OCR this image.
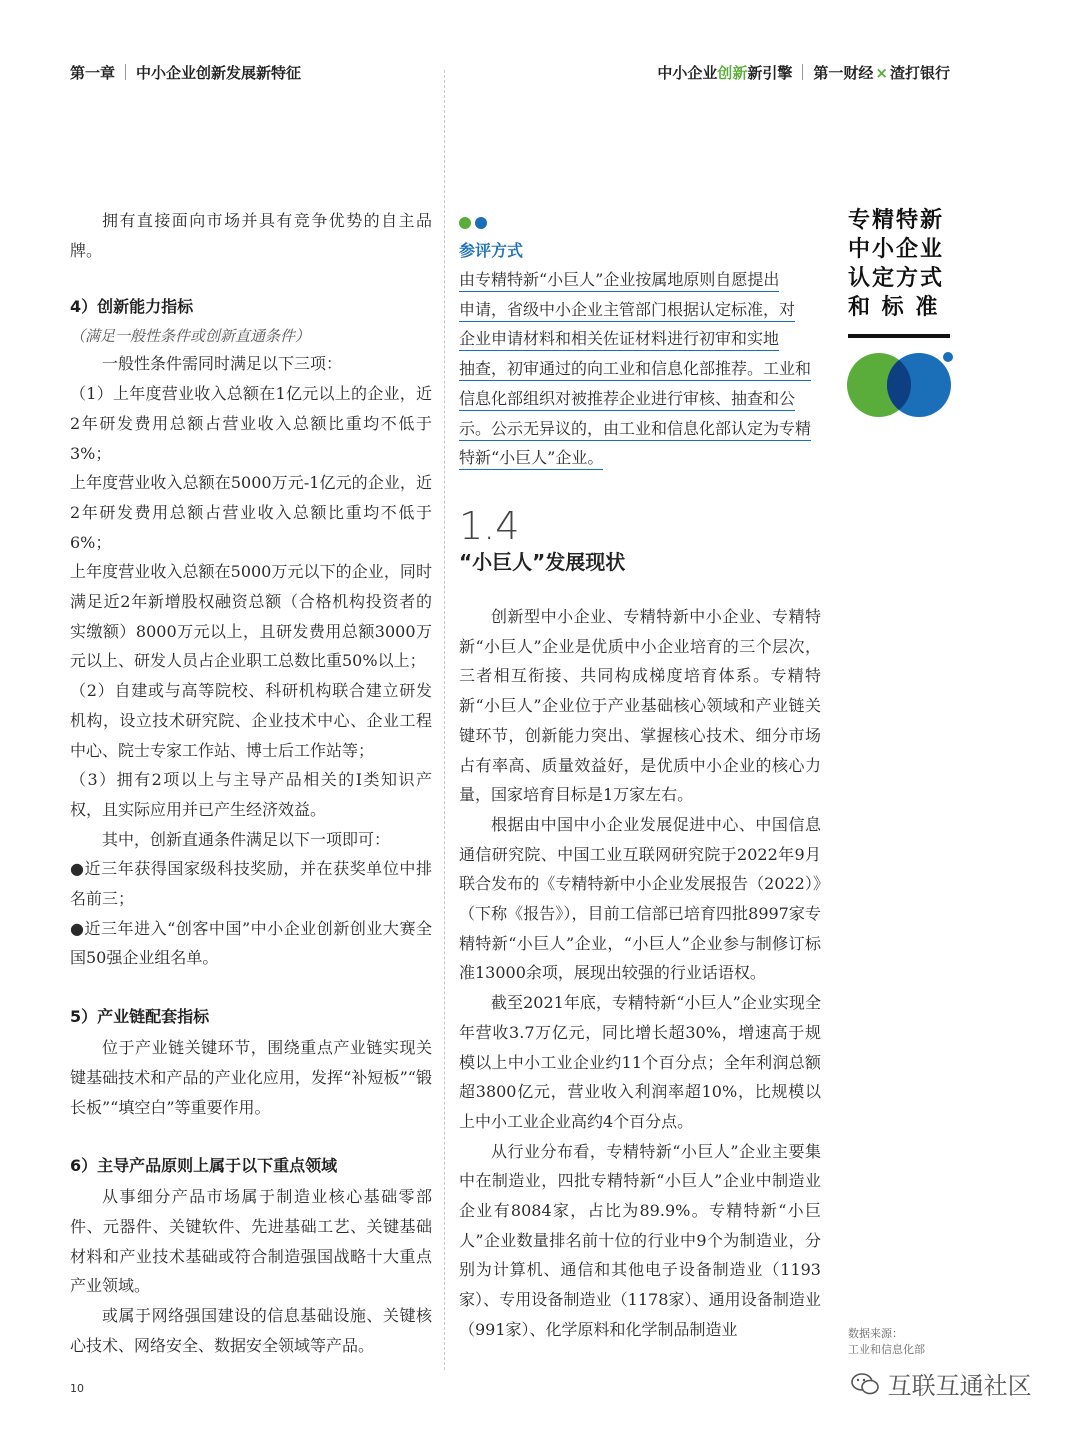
第一章 中小企业创新发展新特征	中小企业创新新引擎 第一财经 × 渣打银行

拥有直接面向市场并具有竞争优势的自主品牌。

4）创新能力指标

（满足一般性条件或创新直通条件）

一般性条件需同时满足以下三项：

（1）上年度营业收入总额在1亿元以上的企业，近2年研发费用总额占营业收入总额比重均不低于3%；

上年度营业收入总额在5000万元-1亿元的企业，近2年研发费用总额占营业收入总额比重均不低于6%；

上年度营业收入总额在5000万元以下的企业，同时满足近2年新增股权融资总额（合格机构投资者的实缴额）8000万元以上，且研发费用总额3000万元以上、研发人员占企业职工总数比重50%以上；

（2）自建或与高等院校、科研机构联合建立研发机构，设立技术研究院、企业技术中心、企业工程中心、院士专家工作站、博士后工作站等；

（3）拥有2项以上与主导产品相关的I类知识产权，且实际应用并已产生经济效益。

其中，创新直通条件满足以下一项即可：

●近三年获得国家级科技奖励，并在获奖单位中排名前三；

●近三年进入“创客中国”中小企业创新创业大赛全国50强企业组名单。

5）产业链配套指标

位于产业链关键环节，围绕重点产业链实现关键基础技术和产品的产业化应用，发挥“补短板”“锻长板”“填空白”等重要作用。

6）主导产品原则上属于以下重点领域

从事细分产品市场属于制造业核心基础零部件、元器件、关键软件、先进基础工艺、关键基础材料和产业技术基础或符合制造强国战略十大重点产业领域。

或属于网络强国建设的信息基础设施、关键核心技术、网络安全、数据安全领域等产品。

参评方式

由专精特新“小巨人”企业按属地原则自愿提出

申请，省级中小企业主管部门根据认定标准，对

企业申请材料和相关佐证材料进行初审和实地

抽查，初审通过的向工业和信息化部推荐。工业和

信息化部组织对被推荐企业进行审核、抽查和公

示。公示无异议的，由工业和信息化部认定为专精

特新“小巨人”企业。

1.4
“小巨人”发展现状

创新型中小企业、专精特新中小企业、专精特新“小巨人”企业是优质中小企业培育的三个层次，三者相互衔接、共同构成梯度培育体系。专精特新“小巨人”企业位于产业基础核心领域和产业链关键环节，创新能力突出、掌握核心技术、细分市场占有率高、质量效益好，是优质中小企业的核心力量，国家培育目标是1万家左右。

根据由中国中小企业发展促进中心、中国信息通信研究院、中国工业互联网研究院于2022年9月联合发布的《专精特新中小企业发展报告（2022）》（下称《报告》），目前工信部已培育四批8997家专精特新“小巨人”企业，“小巨人”企业参与制修订标准13000余项，展现出较强的行业话语权。

截至2021年底，专精特新“小巨人”企业实现全年营收3.7万亿元，同比增长超30%，增速高于规模以上中小工业企业约11个百分点；全年利润总额超3800亿元，营业收入利润率超10%，比规模以上中小工业企业高约4个百分点。

从行业分布看，专精特新“小巨人”企业主要集中在制造业，四批专精特新“小巨人”企业中制造业企业有8084家，占比为89.9%。专精特新“小巨人”企业数量排名前十位的行业中9个为制造业，分别为计算机、通信和其他电子设备制造业（1193家）、专用设备制造业（1178家）、通用设备制造业（991家）、化学原料和化学制品制造业

专精特新
中小企业
认定方式
和 标 准
数据来源：
工业和信息化部
10	互联互通社区
